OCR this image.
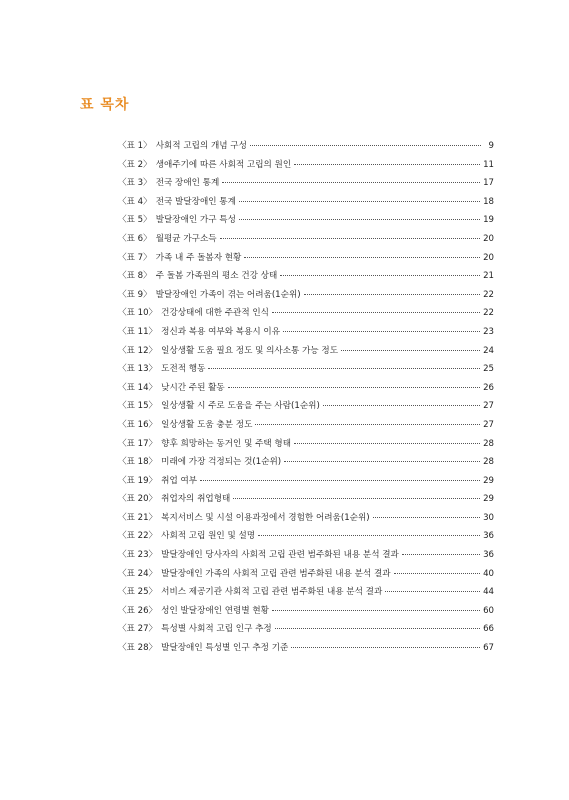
표 목차
〈표 1〉 사회적 고립의 개념 구성	9
〈표 2〉 생애주기에 따른 사회적 고립의 원인	11
〈표 3〉 전국 장애인 통계	17
〈표 4〉 전국 발달장애인 통계	18
〈표 5〉 발달장애인 가구 특성	19
〈표 6〉 월평균 가구소득	20
〈표 7〉 가족 내 주 돌봄자 현황	20
〈표 8〉 주 돌봄 가족원의 평소 건강 상태	21
〈표 9〉 발달장애인 가족이 겪는 어려움(1순위)	22
〈표 10〉 건강상태에 대한 주관적 인식	22
〈표 11〉 정신과 복용 여부와 복용시 이유	23
〈표 12〉 일상생활 도움 필요 정도 및 의사소통 가능 정도	24
〈표 13〉 도전적 행동	25
〈표 14〉 낮시간 주된 활동	26
〈표 15〉 일상생활 시 주로 도움을 주는 사람(1순위)	27
〈표 16〉 일상생활 도움 충분 정도	27
〈표 17〉 향후 희망하는 동거인 및 주택 형태	28
〈표 18〉 미래에 가장 걱정되는 것(1순위)	28
〈표 19〉 취업 여부	29
〈표 20〉 취업자의 취업형태	29
〈표 21〉 복지서비스 및 시설 이용과정에서 경험한 어려움(1순위)	30
〈표 22〉 사회적 고립 원인 및 설명	36
〈표 23〉 발달장애인 당사자의 사회적 고립 관련 범주화된 내용 분석 결과	36
〈표 24〉 발달장애인 가족의 사회적 고립 관련 범주화된 내용 분석 결과	40
〈표 25〉 서비스 제공기관 사회적 고립 관련 범주화된 내용 분석 결과	44
〈표 26〉 성인 발달장애인 연령별 현황	60
〈표 27〉 특성별 사회적 고립 인구 추정	66
〈표 28〉 발달장애인 특성별 인구 추정 기준	67
